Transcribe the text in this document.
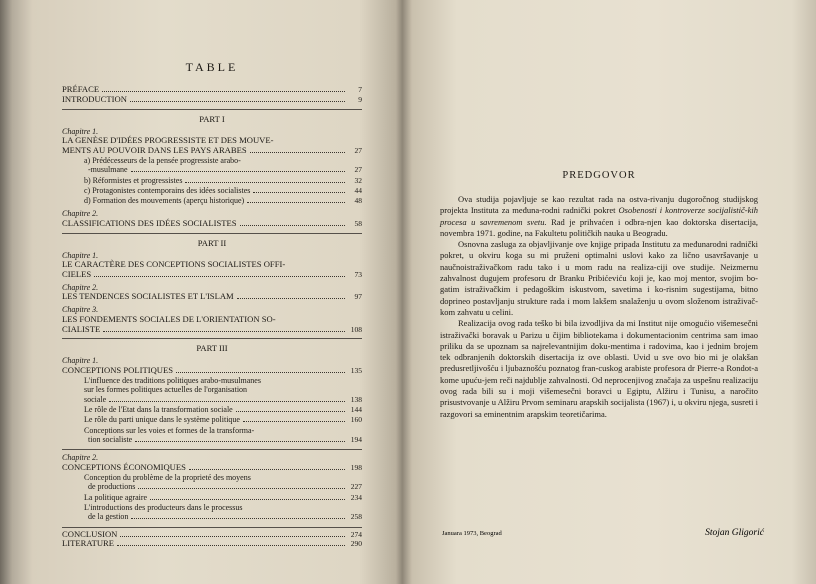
TABLE
PRÉFACE	7
INTRODUCTION	9
PART I
Chapitre 1.
LA GENÈSE D'IDÉES PROGRESSISTE ET DES MOUVE-
MENTS AU POUVOIR DANS LES PAYS ARABES	27
a) Prédécesseurs de la pensée progressiste arabo-
-musulmane	27
b) Réformistes et progressistes	32
c) Protagonistes contemporains des idées socialistes	44
d) Formation des mouvements (aperçu historique)	48
Chapitre 2.
CLASSIFICATIONS DES IDÉES SOCIALISTES	58
PART II
Chapitre 1.
LE CARACTÈRE DES CONCEPTIONS SOCIALISTES OFFI-
CIELES	73
Chapitre 2.
LES TENDENCES SOCIALISTES ET L'ISLAM	97
Chapitre 3.
LES FONDEMENTS SOCIALES DE L'ORIENTATION SO-
CIALISTE	108
PART III
Chapitre 1.
CONCEPTIONS POLITIQUES	135
L'influence des traditions politiques arabo-musulmanes
sur les formes politiques actuelles de l'organisation
sociale	138
Le rôle de l'Etat dans la transformation sociale	144
Le rôle du parti unique dans le système politique	160
Conceptions sur les voies et formes de la transforma-
tion socialiste	194
Chapitre 2.
CONCEPTIONS ÉCONOMIQUES	198
Conception du problème de la proprieté des moyens
de productions	227
La politique agraire	234
L'introductions des producteurs dans le processus
de la gestion	258
CONCLUSION	274
LITERATURE	290
PREDGOVOR

Ova studija pojavljuje se kao rezultat rada na ostva-rivanju dugoročnog studijskog projekta Instituta za međuna-rodni radnički pokret Osobenosti i kontroverze socijalistič-kih procesa u savremenom svetu. Rad je prihvaćen i odbra-njen kao doktorska disertacija, novembra 1971. godine, na Fakultetu političkih nauka u Beogradu.

Osnovna zasluga za objavljivanje ove knjige pripada Institutu za međunarodni radnički pokret, u okviru koga su mi pruženi optimalni uslovi kako za lično usavršavanje u naučnoistraživačkom radu tako i u mom radu na realiza-ciji ove studije. Neizmernu zahvalnost dugujem profesoru dr Branku Pribićeviću koji je, kao moj mentor, svojim bo-gatim istraživačkim i pedagoškim iskustvom, savetima i ko-risnim sugestijama, bitno doprineo postavljanju strukture rada i mom lakšem snalaženju u ovom složenom istraživač-kom zahvatu u celini.

Realizacija ovog rada teško bi bila izvodljiva da mi Institut nije omogućio višemesečni istraživački boravak u Parizu u čijim bibliotekama i dokumentacionim centrima sam imao priliku da se upoznam sa najrelevantnijim doku-mentima i radovima, kao i jednim brojem tek odbranjenih doktorskih disertacija iz ove oblasti. Uvid u sve ovo bio mi je olakšan predusretljivošću i ljubaznošću poznatog fran-cuskog arabiste profesora dr Pierre-a Rondot-a kome upuću-jem reči najdublje zahvalnosti. Od neprocenjivog značaja za uspešnu realizaciju ovog rada bili su i moji višemesečni boravci u Egiptu, Alžiru i Tunisu, a naročito prisustvovanje u Alžiru Prvom seminaru arapskih socijalista (1967) i, u okviru njega, susreti i razgovori sa eminentnim arapskim teoretičarima.

Januara 1973, Beograd	Stojan Gligorić
